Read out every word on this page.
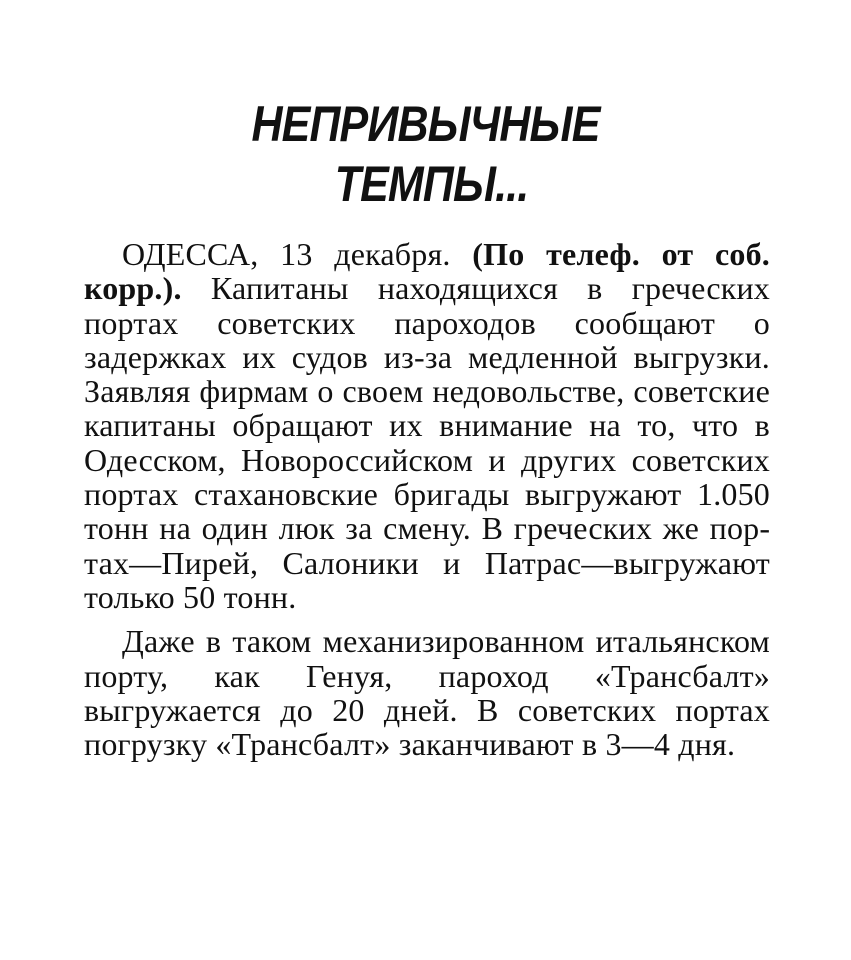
НЕПРИВЫЧНЫЕ
ТЕМПЫ...

ОДЕССА, 13 декабря. (По телеф. от соб. корр.). Капитаны находящихся в греческих портах советских пароходов сообщают о задержках их судов из-за медленной выгрузки. Заявляя фирмам о своем недовольстве, советские капитаны обращают их внимание на то, что в Одесском, Новороссийском и других советских портах стахановские бригады выгружают 1.050 тонн на один люк за смену. В греческих же портах—Пирей, Салоники и Патрас—выгружают только 50 тонн.

Даже в таком механизированном итальянском порту, как Генуя, пароход «Трансбалт» выгружается до 20 дней. В советских портах погрузку «Трансбалт» заканчивают в 3—4 дня.
